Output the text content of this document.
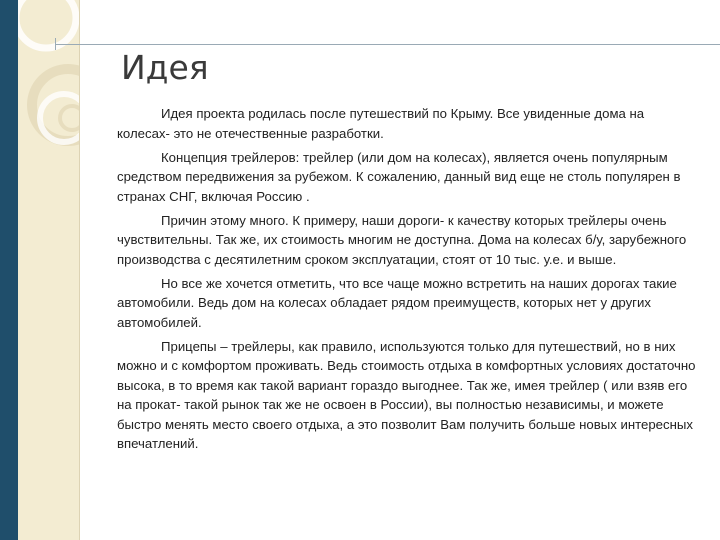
Идея

Идея проекта родилась после путешествий по Крыму. Все увиденные дома на колесах- это не отечественные разработки.

Концепция трейлеров: трейлер (или дом на колесах), является очень популярным средством передвижения за рубежом. К сожалению, данный вид еще не столь популярен в странах СНГ, включая Россию .

Причин этому много. К примеру, наши дороги- к качеству которых трейлеры очень чувствительны. Так же, их стоимость многим не доступна. Дома на колесах б/у, зарубежного производства с десятилетним сроком эксплуатации, стоят от 10 тыс. у.е. и выше.

Но все же хочется отметить, что все чаще можно встретить на наших дорогах такие автомобили. Ведь дом на колесах обладает рядом преимуществ, которых нет у других автомобилей.

Прицепы – трейлеры, как правило, используются только для путешествий, но в них можно и с комфортом проживать. Ведь стоимость отдыха в комфортных условиях достаточно высока, в то время как такой вариант гораздо выгоднее. Так же, имея трейлер ( или взяв его на прокат- такой рынок так же не освоен в России), вы полностью независимы, и можете быстро менять место своего отдыха, а это позволит Вам получить больше новых интересных впечатлений.
